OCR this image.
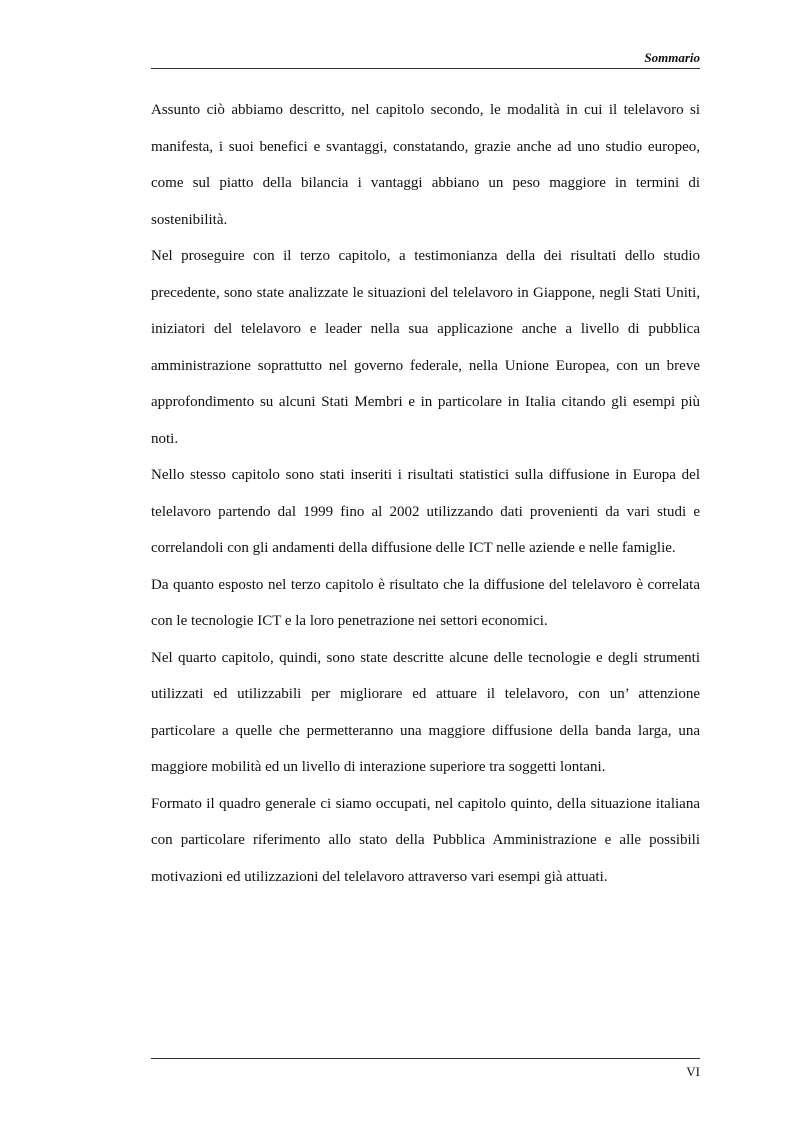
Sommario

Assunto ciò abbiamo descritto, nel capitolo secondo, le modalità in cui il telelavoro si manifesta, i suoi benefici e svantaggi, constatando, grazie anche ad uno studio europeo, come sul piatto della bilancia i vantaggi abbiano un peso maggiore in termini di sostenibilità.

Nel proseguire con il terzo capitolo, a testimonianza della dei risultati dello studio precedente, sono state analizzate le situazioni del telelavoro in Giappone, negli Stati Uniti, iniziatori del telelavoro e leader nella sua applicazione anche a livello di pubblica amministrazione soprattutto nel governo federale, nella Unione Europea, con un breve approfondimento su alcuni Stati Membri e in particolare in Italia citando gli esempi più noti.

Nello stesso capitolo sono stati inseriti i risultati statistici sulla diffusione in Europa del telelavoro partendo dal 1999 fino al 2002 utilizzando dati provenienti da vari studi e correlandoli con gli andamenti della diffusione delle ICT nelle aziende e nelle famiglie.

Da quanto esposto nel terzo capitolo è risultato che la diffusione del telelavoro è correlata con le tecnologie ICT e la loro penetrazione nei settori economici.

Nel quarto capitolo, quindi, sono state descritte alcune delle tecnologie e degli strumenti utilizzati ed utilizzabili per migliorare ed attuare il telelavoro, con un’ attenzione particolare a quelle che permetteranno una maggiore diffusione della banda larga, una maggiore mobilità ed un livello di interazione superiore tra soggetti lontani.

Formato il quadro generale ci siamo occupati, nel capitolo quinto, della situazione italiana con particolare riferimento allo stato della Pubblica Amministrazione e alle possibili motivazioni ed utilizzazioni del telelavoro attraverso vari esempi già attuati.

VI
